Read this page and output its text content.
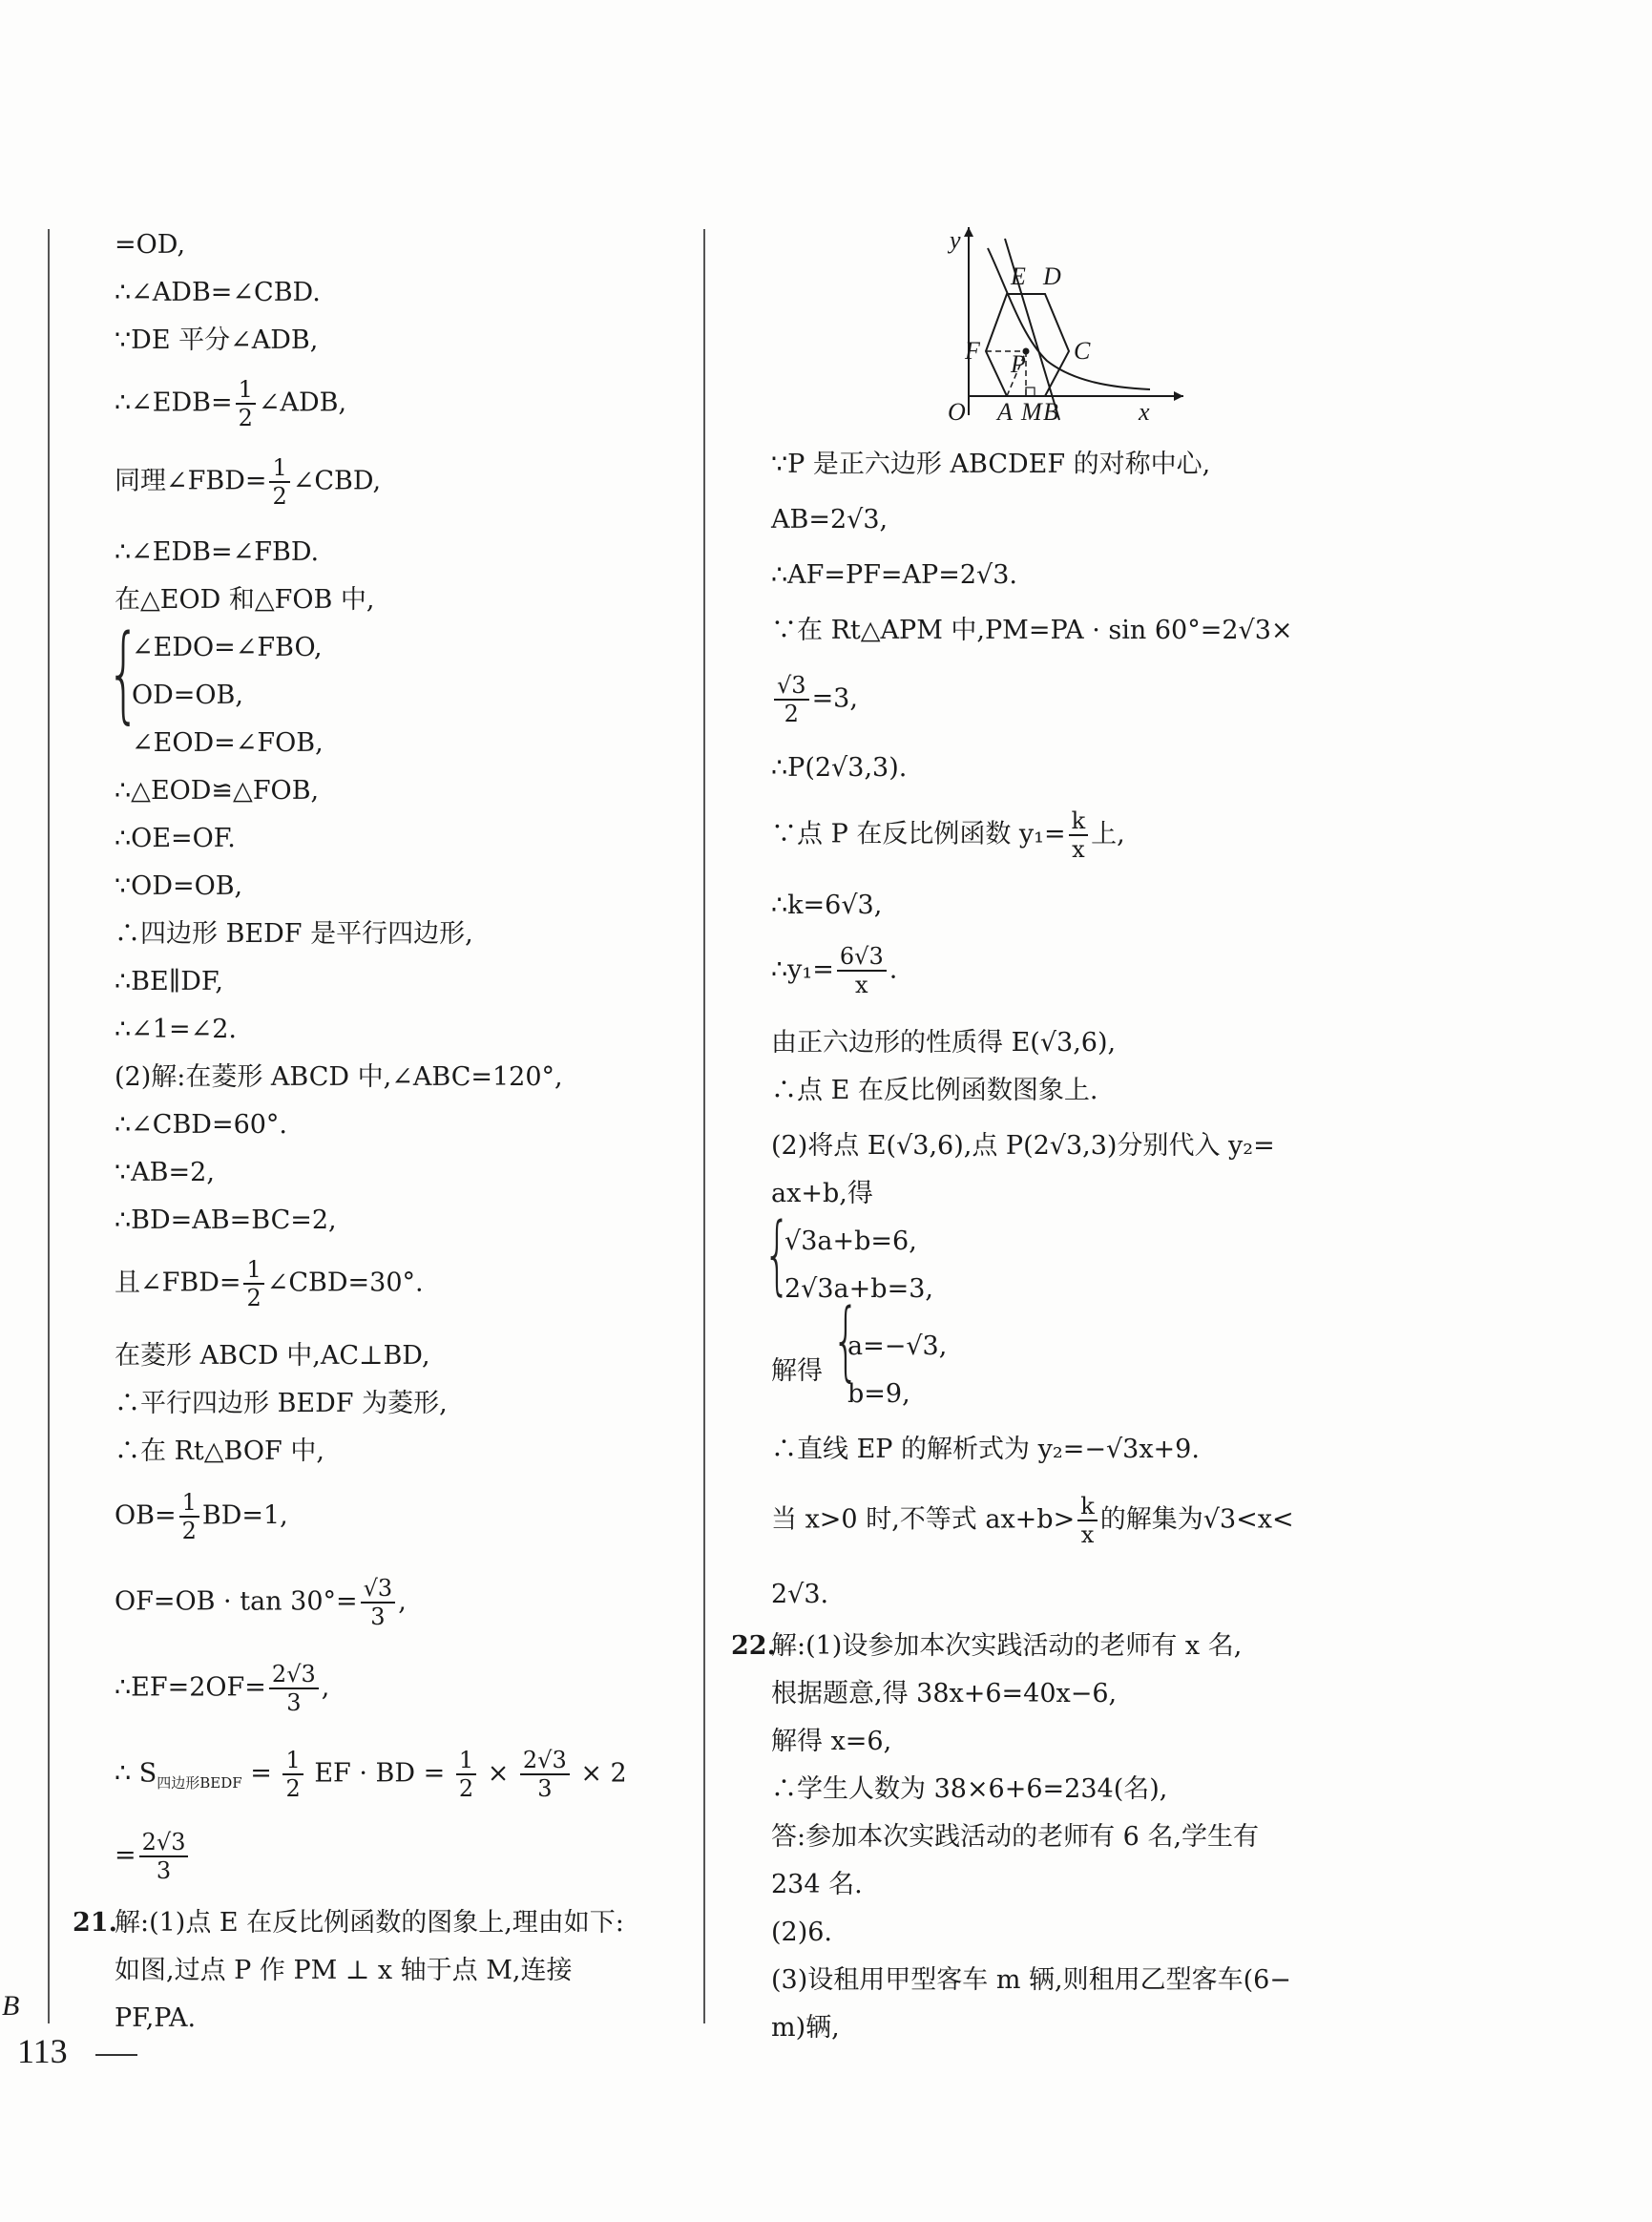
B
=OD,
∴∠ADB=∠CBD.
∵DE 平分∠ADB,
∴∠EDB= $\frac{1}{2}$ ∠ADB,
同理∠FBD= $\frac{1}{2}$ ∠CBD,
∴∠EDB=∠FBD.
在△EOD 和△FOB 中,
{
∠EDO=∠FBO,
OD=OB,
∠EOD=∠FOB,
∴△EOD≌△FOB,
∴OE=OF.
∵OD=OB,
∴四边形 BEDF 是平行四边形,
∴BE∥DF,
∴∠1=∠2.
(2)解:在菱形 ABCD 中,∠ABC=120°,
∴∠CBD=60°.
∵AB=2,
∴BD=AB=BC=2,
且∠FBD= $\frac{1}{2}$ ∠CBD=30°.
在菱形 ABCD 中,AC⊥BD,
∴平行四边形 BEDF 为菱形,
∴在 Rt△BOF 中,
$OB= \frac{1}{2} BD=1$,
$OF=OB \cdot \tan 30^\circ= \frac{√3}{3}$ ,
∴EF=2OF= $\frac{2√3}{3}$ ,
∴ $S_{四边形BEDF} = \frac{1}{2}$ EF · BD = $\frac{1}{2} \times \frac{2√3}{3} \times 2$
= $\frac{2√3}{3}$
21.
解:(1)点 E 在反比例函数的图象上,理由如下:
如图,过点 P 作 PM ⊥ x 轴于点 M,连接
PF,PA.
y
E D
F P C
O A M B	x
∵P 是正六边形 ABCDEF 的对称中心,
AB=2√3,
∴AF=PF=AP=2√3.
∵在 Rt△APM 中,PM=PA · sin 60°=2√3×
$\frac{√3}{2} =3$,
∴P(2√3,3).
∵点 P 在反比例函数 $y_1= \frac{k}{x}$ 上,
∴k=6√3,
∴y₁= $\frac{6√3}{x}$ .
由正六边形的性质得 E(√3,6),
∴点 E 在反比例函数图象上.
(2)将点 E(√3,6),点 P(2√3,3)分别代入 y₂=
ax+b,得
{
√3a+b=6,
2√3a+b=3,
解得 {
a=−√3,
b=9,
∴直线 EP 的解析式为 y₂=−√3x+9.
当 x>0 时,不等式 $ax+b> \frac{k}{x}$ 的解集为√3<x<
2√3.
22.
解:(1)设参加本次实践活动的老师有 x 名,
根据题意,得 38x+6=40x−6,
解得 x=6,
∴学生人数为 38×6+6=234(名),
答:参加本次实践活动的老师有 6 名,学生有
234 名.
(2)6.
(3)设租用甲型客车 m 辆,则租用乙型客车(6−
m)辆,
113
